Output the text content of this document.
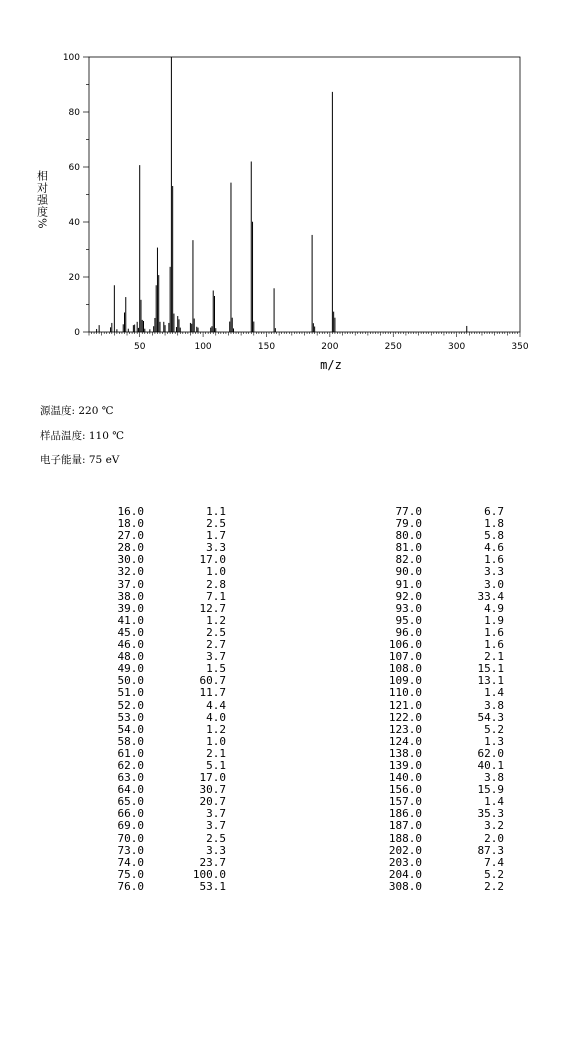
50	100	150	200	250	300	350
0
20
40
60
80
100
相对强度%
m/z
源温度: 220 ℃
样品温度: 110 ℃
电子能量: 75 eV
16.0	1.1
18.0	2.5
27.0	1.7
28.0	3.3
30.0	17.0
32.0	1.0
37.0	2.8
38.0	7.1
39.0	12.7
41.0	1.2
45.0	2.5
46.0	2.7
48.0	3.7
49.0	1.5
50.0	60.7
51.0	11.7
52.0	4.4
53.0	4.0
54.0	1.2
58.0	1.0
61.0	2.1
62.0	5.1
63.0	17.0
64.0	30.7
65.0	20.7
66.0	3.7
69.0	3.7
70.0	2.5
73.0	3.3
74.0	23.7
75.0	100.0
76.0	53.1
77.0	6.7
79.0	1.8
80.0	5.8
81.0	4.6
82.0	1.6
90.0	3.3
91.0	3.0
92.0	33.4
93.0	4.9
95.0	1.9
96.0	1.6
106.0	1.6
107.0	2.1
108.0	15.1
109.0	13.1
110.0	1.4
121.0	3.8
122.0	54.3
123.0	5.2
124.0	1.3
138.0	62.0
139.0	40.1
140.0	3.8
156.0	15.9
157.0	1.4
186.0	35.3
187.0	3.2
188.0	2.0
202.0	87.3
203.0	7.4
204.0	5.2
308.0	2.2
